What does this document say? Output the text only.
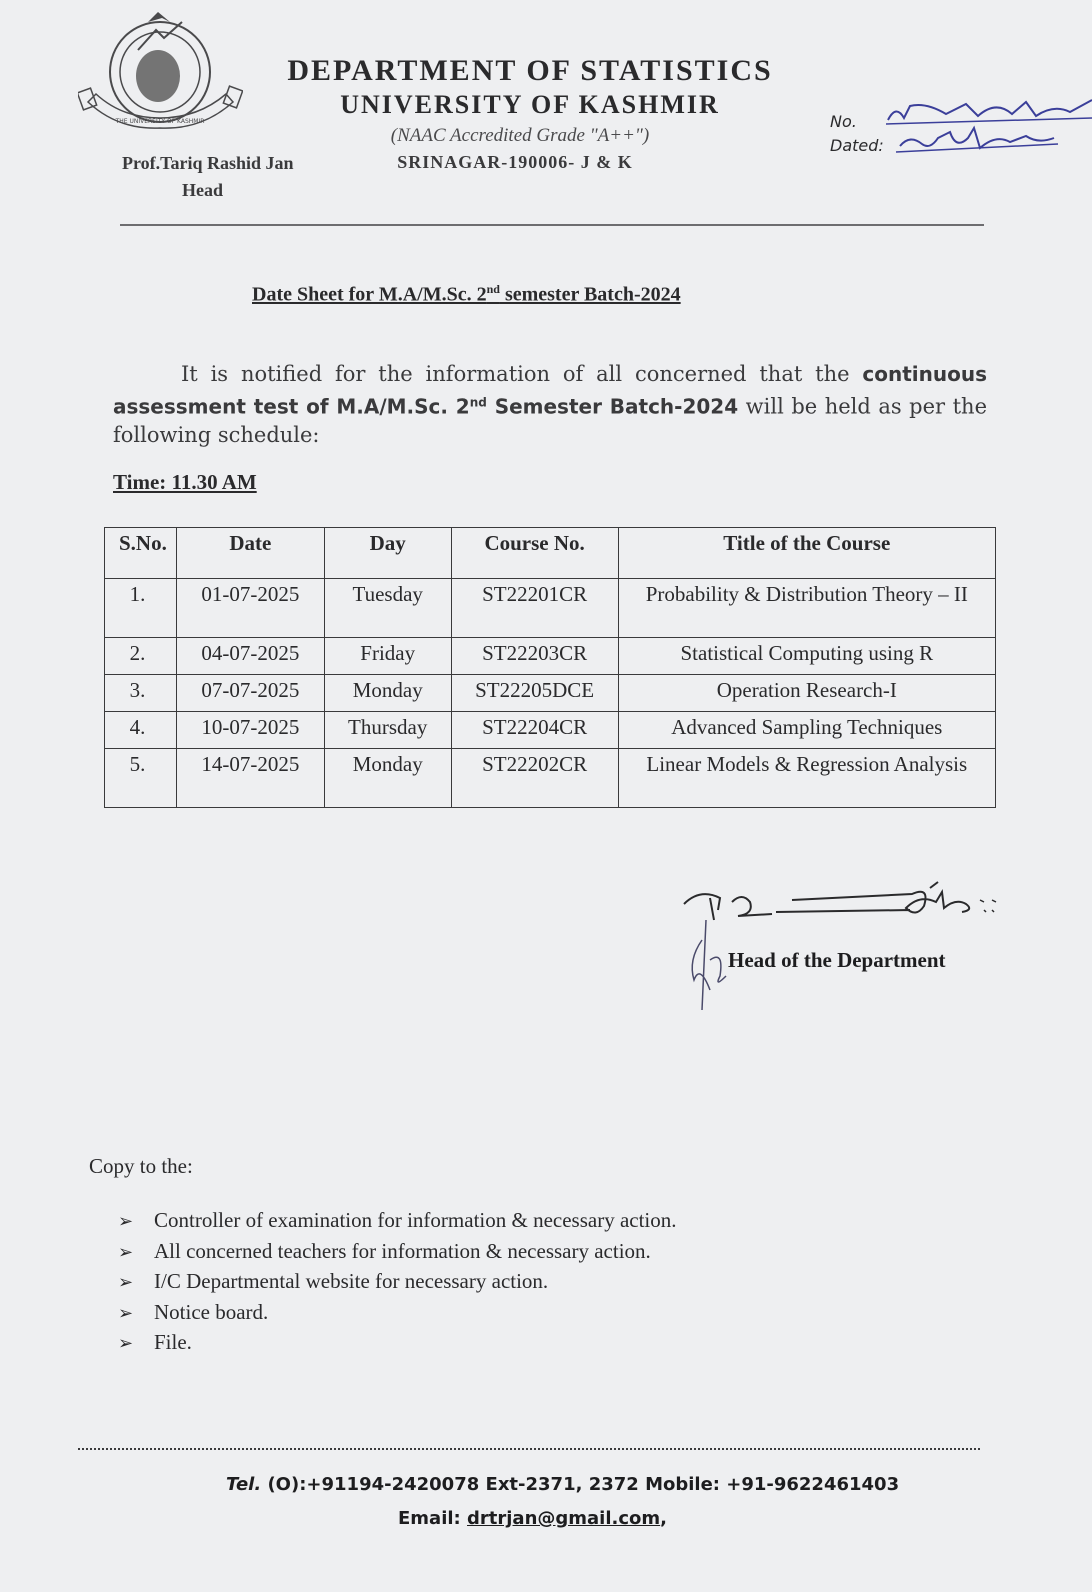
THE UNIVERSITY OF KASHMIR
DEPARTMENT OF STATISTICS
UNIVERSITY OF KASHMIR
(NAAC Accredited Grade "A++")
SRINAGAR-190006- J & K
Prof.Tariq Rashid Jan
Head
No.
Dated:
Date Sheet for M.A/M.Sc. 2nd semester Batch-2024
It is notified for the information of all concerned that the continuous assessment test of M.A/M.Sc. 2nd Semester Batch-2024 will be held as per the following schedule:
Time: 11.30 AM
S.No.	Date	Day	Course No.	Title of the Course
1.	01-07-2025	Tuesday	ST22201CR	Probability & Distribution Theory – II
2.	04-07-2025	Friday	ST22203CR	Statistical Computing using R
3.	07-07-2025	Monday	ST22205DCE	Operation Research-I
4.	10-07-2025	Thursday	ST22204CR	Advanced Sampling Techniques
5.	14-07-2025	Monday	ST22202CR	Linear Models & Regression Analysis
Head of the Department
Copy to the:
➢ Controller of examination for information & necessary action.
➢ All concerned teachers for information & necessary action.
➢ I/C Departmental website for necessary action.
➢ Notice board.
➢ File.
Tel. (O):+91194-2420078 Ext-2371, 2372 Mobile: +91-9622461403
Email: drtrjan@gmail.com,
